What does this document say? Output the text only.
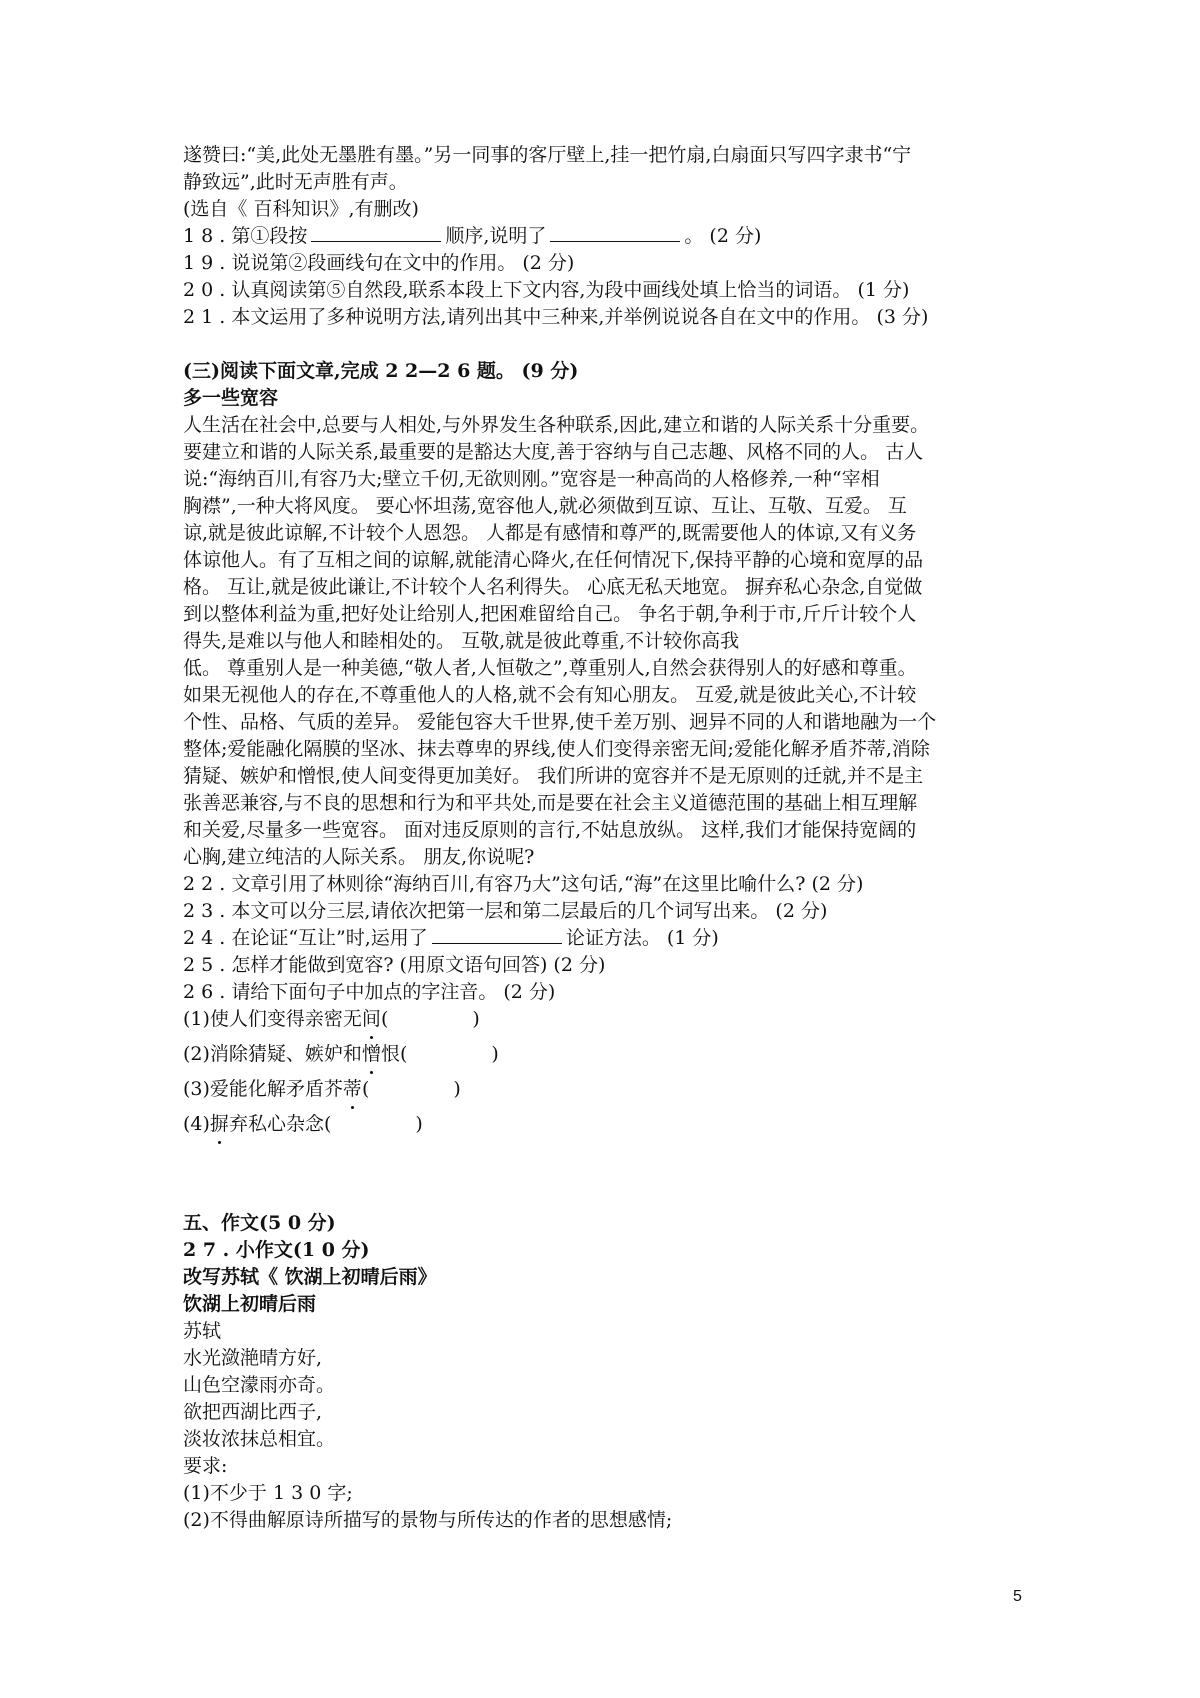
遂赞曰:“美,此处无墨胜有墨。”另一同事的客厅壁上,挂一把竹扇,白扇面只写四字隶书“宁
静致远”,此时无声胜有声。
(选自《 百科知识》,有删改)
1 8 . 第①段按	顺序,说明了	。 (2 分)
1 9 . 说说第②段画线句在文中的作用。 (2 分)
2 0 . 认真阅读第⑤自然段,联系本段上下文内容,为段中画线处填上恰当的词语。 (1 分)
2 1 . 本文运用了多种说明方法,请列出其中三种来,并举例说说各自在文中的作用。 (3 分)
(三)阅读下面文章,完成 2 2—2 6 题。 (9 分)
多一些宽容
人生活在社会中,总要与人相处,与外界发生各种联系,因此,建立和谐的人际关系十分重要。
要建立和谐的人际关系,最重要的是豁达大度,善于容纳与自己志趣、风格不同的人。 古人
说:“海纳百川,有容乃大;壁立千仞,无欲则刚。”宽容是一种高尚的人格修养,一种“宰相
胸襟”,一种大将风度。 要心怀坦荡,宽容他人,就必须做到互谅、互让、互敬、互爱。 互
谅,就是彼此谅解,不计较个人恩怨。 人都是有感情和尊严的,既需要他人的体谅,又有义务
体谅他人。有了互相之间的谅解,就能清心降火,在任何情况下,保持平静的心境和宽厚的品
格。 互让,就是彼此谦让,不计较个人名利得失。 心底无私天地宽。 摒弃私心杂念,自觉做
到以整体利益为重,把好处让给别人,把困难留给自己。 争名于朝,争利于市,斤斤计较个人
得失,是难以与他人和睦相处的。 互敬,就是彼此尊重,不计较你高我
低。 尊重别人是一种美德,“敬人者,人恒敬之”,尊重别人,自然会获得别人的好感和尊重。
如果无视他人的存在,不尊重他人的人格,就不会有知心朋友。 互爱,就是彼此关心,不计较
个性、品格、气质的差异。 爱能包容大千世界,使千差万别、迥异不同的人和谐地融为一个
整体;爱能融化隔膜的坚冰、抹去尊卑的界线,使人们变得亲密无间;爱能化解矛盾芥蒂,消除
猜疑、嫉妒和憎恨,使人间变得更加美好。 我们所讲的宽容并不是无原则的迁就,并不是主
张善恶兼容,与不良的思想和行为和平共处,而是要在社会主义道德范围的基础上相互理解
和关爱,尽量多一些宽容。 面对违反原则的言行,不姑息放纵。 这样,我们才能保持宽阔的
心胸,建立纯洁的人际关系。 朋友,你说呢?
2 2 . 文章引用了林则徐“海纳百川,有容乃大”这句话,“海”在这里比喻什么? (2 分)
2 3 . 本文可以分三层,请依次把第一层和第二层最后的几个词写出来。 (2 分)
2 4 . 在论证“互让”时,运用了	论证方法。 (1 分)
2 5 . 怎样才能做到宽容? (用原文语句回答) (2 分)
2 6 . 请给下面句子中加点的字注音。 (2 分)
(1)使人们变得亲密无间(	)
(2)消除猜疑、嫉妒和憎恨(	)
(3)爱能化解矛盾芥蒂(	)
(4)摒弃私心杂念(	)
五、作文(5 0 分)
2 7 . 小作文(1 0 分)
改写苏轼《 饮湖上初晴后雨》
饮湖上初晴后雨
苏轼
水光潋滟晴方好,
山色空濛雨亦奇。
欲把西湖比西子,
淡妆浓抹总相宜。
要求:
(1)不少于 1 3 0 字;
(2)不得曲解原诗所描写的景物与所传达的作者的思想感情;
5
